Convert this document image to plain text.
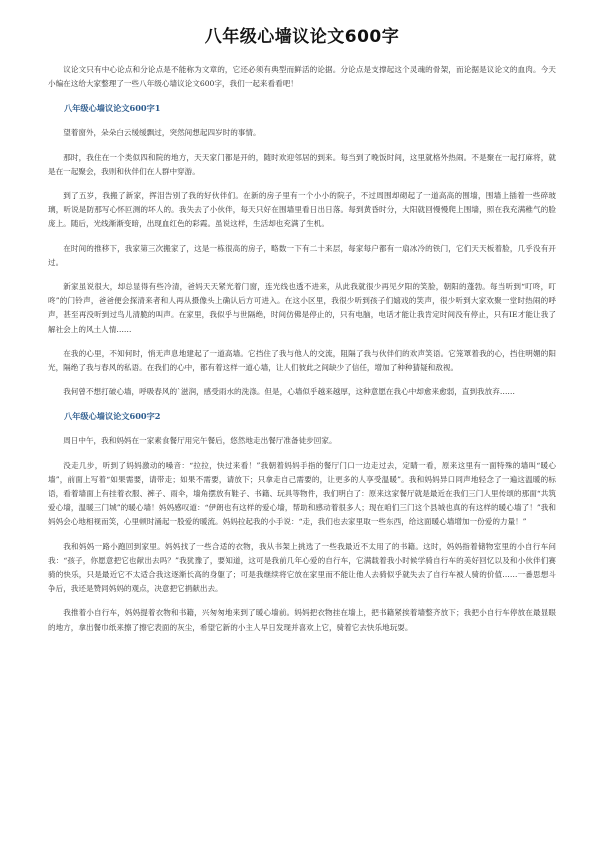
八年级心墙议论文600字

议论文只有中心论点和分论点是不能称为文章的，它还必须有典型而鲜活的论据。分论点是支撑起这个灵魂的骨架，而论据是议论文的血肉。今天小编在这给大家整理了一些八年级心墙议论文600字，我们一起来看看吧！

八年级心墙议论文600字1

望着窗外，朵朵白云缓缓飘过，突然间想起四岁时的事情。

那时，我住在一个类似四和院的地方，天天家门都是开的，随时欢迎邻居的到来。每当到了晚饭时间，这里就格外热闹。不是聚在一起打麻将，就是在一起聚会，我则和伙伴们在人群中穿游。

到了五岁，我搬了新家，挥泪告别了我的好伙伴们。在新的房子里有一个小小的院子，不过周围却砌起了一道高高的围墙，围墙上插着一些碎玻璃，听说是防那写心怀叵测的坏人的。我失去了小伙伴，每天只好在围墙里看日出日落。每到黄昏时分，大阳就回慢慢爬上围墙，照在我充满稚气的脸庞上。随后，光线渐渐变暗，出现血红色的彩霞。虽说这样，生活却也充满了生机。

在时间的推移下，我家第三次搬家了，这是一栋很高的房子，略数一下有二十来层，每家每户都有一扇冰冷的铁门，它们天天板着脸，几乎没有开过。

新家虽说很大，却总显得有些冷清，爸妈天天紧光着门窗，连光线也透不进来，从此我就很少再见夕阳的笑脸，朝阳的蓬勃。每当听到“叮咚，叮咚”的门铃声，爸爸便会探清来者和人再从摄像头上确认后方可进入。在这小区里，我很少听到孩子们嬉戏的笑声，很少听到大家欢聚一堂时热闹的呼声，甚至再没听到过鸟儿清脆的叫声。在家里，我似乎与世隔绝，时间仿佛是停止的，只有电脑，电话才能让我肯定时间没有停止，只有IE才能让我了解社会上的风土人情……

在我的心里，不知何时，悄无声息地建起了一道高墙。它挡住了我与他人的交流，阻隔了我与伙伴们的欢声笑语。它笼罩着我的心，挡住明媚的阳光，隔绝了我与春风的私语。在我们的心中，都有着这样一道心墙，让人们彼此之间缺少了信任，增加了种种猜疑和敌视。

我何曾不想打破心墙，呼吸春风的`滋润，感受雨水的洗涤。但是，心墙似乎越来越厚，这种意愿在我心中却愈来愈弱，直到我放弃……

八年级心墙议论文600字2

周日中午，我和妈妈在一家素食餐厅用完午餐后，悠然地走出餐厅准备徒步回家。

没走几步，听到了妈妈激动的嗓音：“拉拉，快过来看！”我朝着妈妈手指的餐厅门口一边走过去，定睛一看，原来这里有一面特殊的墙叫“暖心墙”，前面上写着“如果需要，请带走；如果不需要，请放下；只拿走自己需要的，让更多的人享受温暖”。我和妈妈异口同声地轻念了一遍这温暖的标语，看着墙面上有挂着衣服、裤子、雨伞，墙角摆放有鞋子、书籍、玩具等物件，我们明白了：原来这家餐厅就是最近在我们三门人里传颂的那面“共筑爱心墙，温暖三门城”的暖心墙！妈妈感叹道：“伊朗也有这样的爱心墙，帮助和感动着很多人；现在咱们三门这个县城也真的有这样的暖心墙了！”我和妈妈会心地相视而笑，心里顿时涌起一股爱的暖流。妈妈拉起我的小手说：“走，我们也去家里取一些东西，给这面暖心墙增加一份爱的力量！”

我和妈妈一路小跑回到家里。妈妈找了一些合适的衣物，我从书架上挑选了一些我最近不太用了的书籍。这时，妈妈指着储物室里的小自行车问我：“孩子，你愿意把它也献出去吗？”我犹豫了，要知道，这可是我前几年心爱的自行车，它满载着我小时候学骑自行车的美好回忆以及和小伙伴们赛骑的快乐，只是最近它不太适合我这逐渐长高的身躯了；可是我继续将它放在家里而不能让他人去骑似乎就失去了自行车被人骑的价值……一番思想斗争后，我还是赞同妈妈的观点，决意把它捐献出去。

我推着小自行车，妈妈提着衣物和书籍，兴匆匆地来到了暖心墙前。妈妈把衣物挂在墙上，把书籍紧挨着墙整齐放下；我把小自行车停放在最显眼的地方，拿出餐巾纸来擦了擦它表面的灰尘，希望它新的小主人早日发现并喜欢上它，骑着它去快乐地玩耍。
